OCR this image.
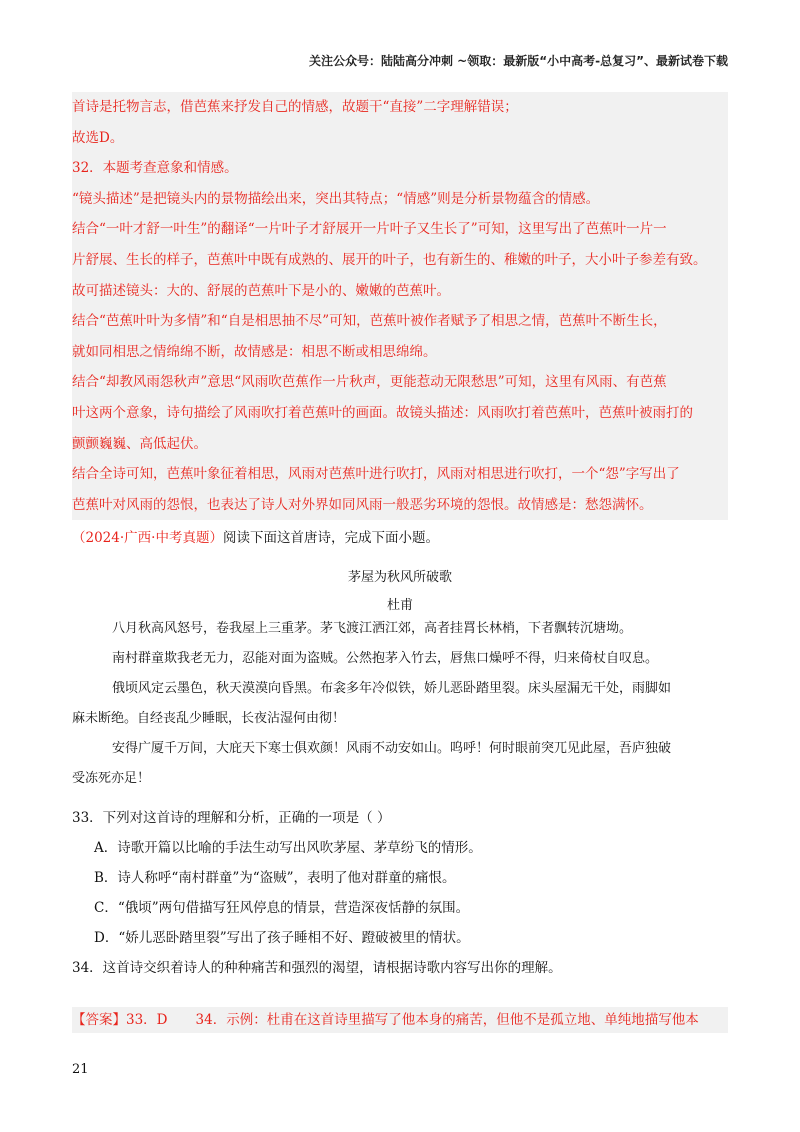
关注公众号：陆陆高分冲刺 ~领取：最新版“小中高考-总复习”、最新试卷下载
首诗是托物言志，借芭蕉来抒发自己的情感，故题干“直接”二字理解错误；
故选D。
32．本题考查意象和情感。
“镜头描述”是把镜头内的景物描绘出来，突出其特点；“情感”则是分析景物蕴含的情感。
结合“一叶才舒一叶生”的翻译“一片叶子才舒展开一片叶子又生长了”可知，这里写出了芭蕉叶一片一
片舒展、生长的样子，芭蕉叶中既有成熟的、展开的叶子，也有新生的、稚嫩的叶子，大小叶子参差有致。
故可描述镜头：大的、舒展的芭蕉叶下是小的、嫩嫩的芭蕉叶。
结合“芭蕉叶叶为多情”和“自是相思抽不尽”可知，芭蕉叶被作者赋予了相思之情，芭蕉叶不断生长，
就如同相思之情绵绵不断，故情感是：相思不断或相思绵绵。
结合“却教风雨怨秋声”意思“风雨吹芭蕉作一片秋声，更能惹动无限愁思”可知，这里有风雨、有芭蕉
叶这两个意象，诗句描绘了风雨吹打着芭蕉叶的画面。故镜头描述：风雨吹打着芭蕉叶，芭蕉叶被雨打的
颤颤巍巍、高低起伏。
结合全诗可知，芭蕉叶象征着相思，风雨对芭蕉叶进行吹打，风雨对相思进行吹打，一个“怨”字写出了
芭蕉叶对风雨的怨恨，也表达了诗人对外界如同风雨一般恶劣环境的怨恨。故情感是：愁怨满怀。
（2024·广西·中考真题）阅读下面这首唐诗，完成下面小题。
茅屋为秋风所破歌
杜甫
八月秋高风怒号，卷我屋上三重茅。茅飞渡江洒江郊，高者挂罥长林梢，下者飘转沉塘坳。
南村群童欺我老无力，忍能对面为盗贼。公然抱茅入竹去，唇焦口燥呼不得，归来倚杖自叹息。
俄顷风定云墨色，秋天漠漠向昏黑。布衾多年冷似铁，娇儿恶卧踏里裂。床头屋漏无干处，雨脚如
麻未断绝。自经丧乱少睡眠，长夜沾湿何由彻！
安得广厦千万间，大庇天下寒士俱欢颜！风雨不动安如山。呜呼！何时眼前突兀见此屋，吾庐独破
受冻死亦足！
33．下列对这首诗的理解和分析，正确的一项是（ ）
A．诗歌开篇以比喻的手法生动写出风吹茅屋、茅草纷飞的情形。
B．诗人称呼“南村群童”为“盗贼”，表明了他对群童的痛恨。
C．“俄顷”两句借描写狂风停息的情景，营造深夜恬静的氛围。
D．“娇儿恶卧踏里裂”写出了孩子睡相不好、蹬破被里的情状。
34．这首诗交织着诗人的种种痛苦和强烈的渴望，请根据诗歌内容写出你的理解。
【答案】33．D 34．示例：杜甫在这首诗里描写了他本身的痛苦，但他不是孤立地、单纯地描写他本
21
